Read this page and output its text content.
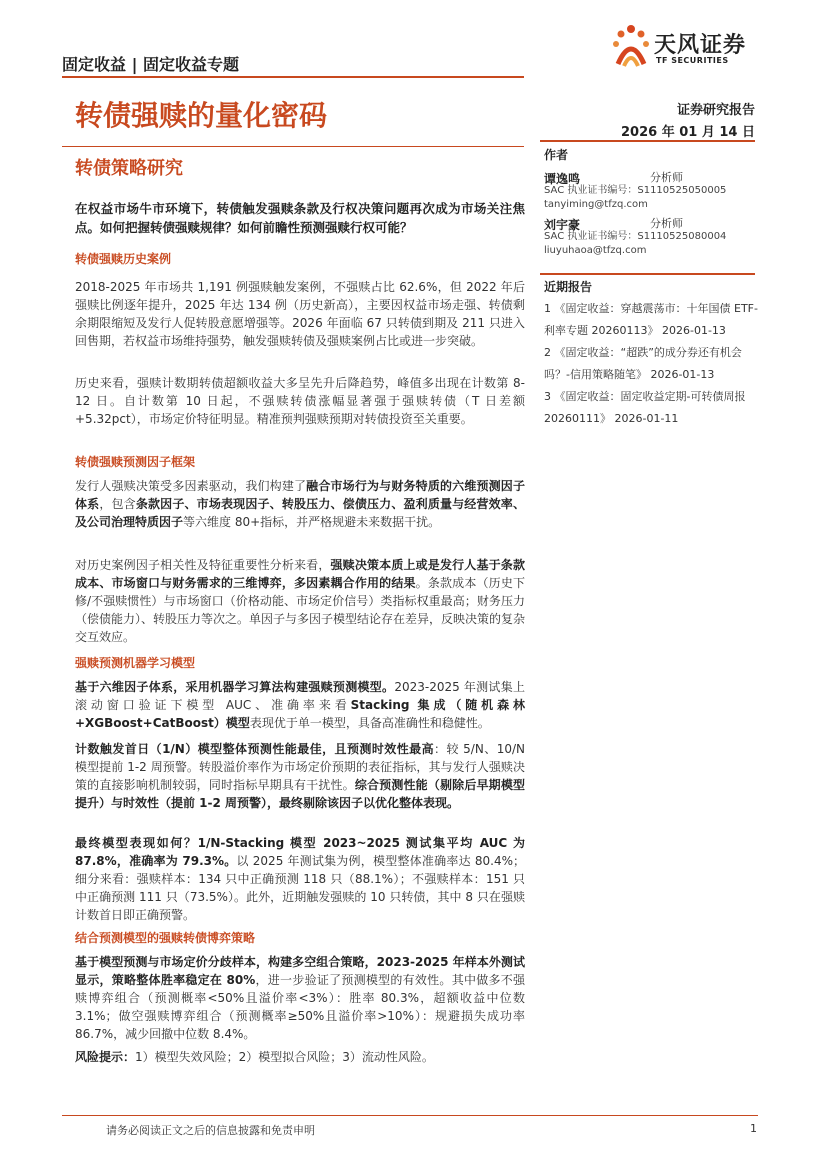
固定收益 | 固定收益专题
天风证券
TF SECURITIES
转债强赎的量化密码	证券研究报告
2026 年 01 月 14 日
转债策略研究
作者
谭逸鸣	分析师
SAC 执业证书编号：S1110525050005
tanyiming@tfzq.com
刘宇豪	分析师
SAC 执业证书编号：S1110525080004
liuyuhaoa@tfzq.com
近期报告

1 《固定收益：穿越震荡市：十年国债 ETF-利率专题 20260113》 2026-01-13

2 《固定收益：“超跌”的成分券还有机会吗？-信用策略随笔》 2026-01-13

3 《固定收益：固定收益定期-可转债周报 20260111》 2026-01-11

在权益市场牛市环境下，转债触发强赎条款及行权决策问题再次成为市场关注焦点。如何把握转债强赎规律？如何前瞻性预测强赎行权可能？
转债强赎历史案例
2018-2025 年市场共 1,191 例强赎触发案例，不强赎占比 62.6%，但 2022 年后强赎比例逐年提升，2025 年达 134 例（历史新高），主要因权益市场走强、转债剩余期限缩短及发行人促转股意愿增强等。2026 年面临 67 只转债到期及 211 只进入回售期，若权益市场维持强势，触发强赎转债及强赎案例占比或进一步突破。
历史来看，强赎计数期转债超额收益大多呈先升后降趋势，峰值多出现在计数第 8-12 日。自计数第 10 日起，不强赎转债涨幅显著强于强赎转债（T 日差额+5.32pct），市场定价特征明显。精准预判强赎预期对转债投资至关重要。
转债强赎预测因子框架
发行人强赎决策受多因素驱动，我们构建了融合市场行为与财务特质的六维预测因子体系，包含条款因子、市场表现因子、转股压力、偿债压力、盈利质量与经营效率、及公司治理特质因子等六维度 80+指标，并严格规避未来数据干扰。
对历史案例因子相关性及特征重要性分析来看，强赎决策本质上或是发行人基于条款成本、市场窗口与财务需求的三维博弈，多因素耦合作用的结果。条款成本（历史下修/不强赎惯性）与市场窗口（价格动能、市场定价信号）类指标权重最高；财务压力（偿债能力）、转股压力等次之。单因子与多因子模型结论存在差异，反映决策的复杂交互效应。
强赎预测机器学习模型
基于六维因子体系，采用机器学习算法构建强赎预测模型。2023-2025 年测试集上滚动窗口验证下模型 AUC、准确率来看Stacking 集成（随机森林+XGBoost+CatBoost）模型表现优于单一模型，具备高准确性和稳健性。
计数触发首日（1/N）模型整体预测性能最佳，且预测时效性最高：较 5/N、10/N 模型提前 1-2 周预警。转股溢价率作为市场定价预期的表征指标，其与发行人强赎决策的直接影响机制较弱，同时指标早期具有干扰性。综合预测性能（剔除后早期模型提升）与时效性（提前 1-2 周预警），最终剔除该因子以优化整体表现。
最终模型表现如何？1/N-Stacking 模型 2023~2025 测试集平均 AUC 为 87.8%，准确率为 79.3%。以 2025 年测试集为例，模型整体准确率达 80.4%；细分来看：强赎样本：134 只中正确预测 118 只（88.1%）；不强赎样本：151 只中正确预测 111 只（73.5%）。此外，近期触发强赎的 10 只转债，其中 8 只在强赎计数首日即正确预警。
结合预测模型的强赎转债博弈策略
基于模型预测与市场定价分歧样本，构建多空组合策略，2023-2025 年样本外测试显示，策略整体胜率稳定在 80%，进一步验证了预测模型的有效性。其中做多不强赎博弈组合（预测概率<50%且溢价率<3%）：胜率 80.3%，超额收益中位数 3.1%；做空强赎博弈组合（预测概率≥50%且溢价率>10%）：规避损失成功率 86.7%，减少回撤中位数 8.4%。
风险提示：1）模型失效风险；2）模型拟合风险；3）流动性风险。
请务必阅读正文之后的信息披露和免责申明	1
